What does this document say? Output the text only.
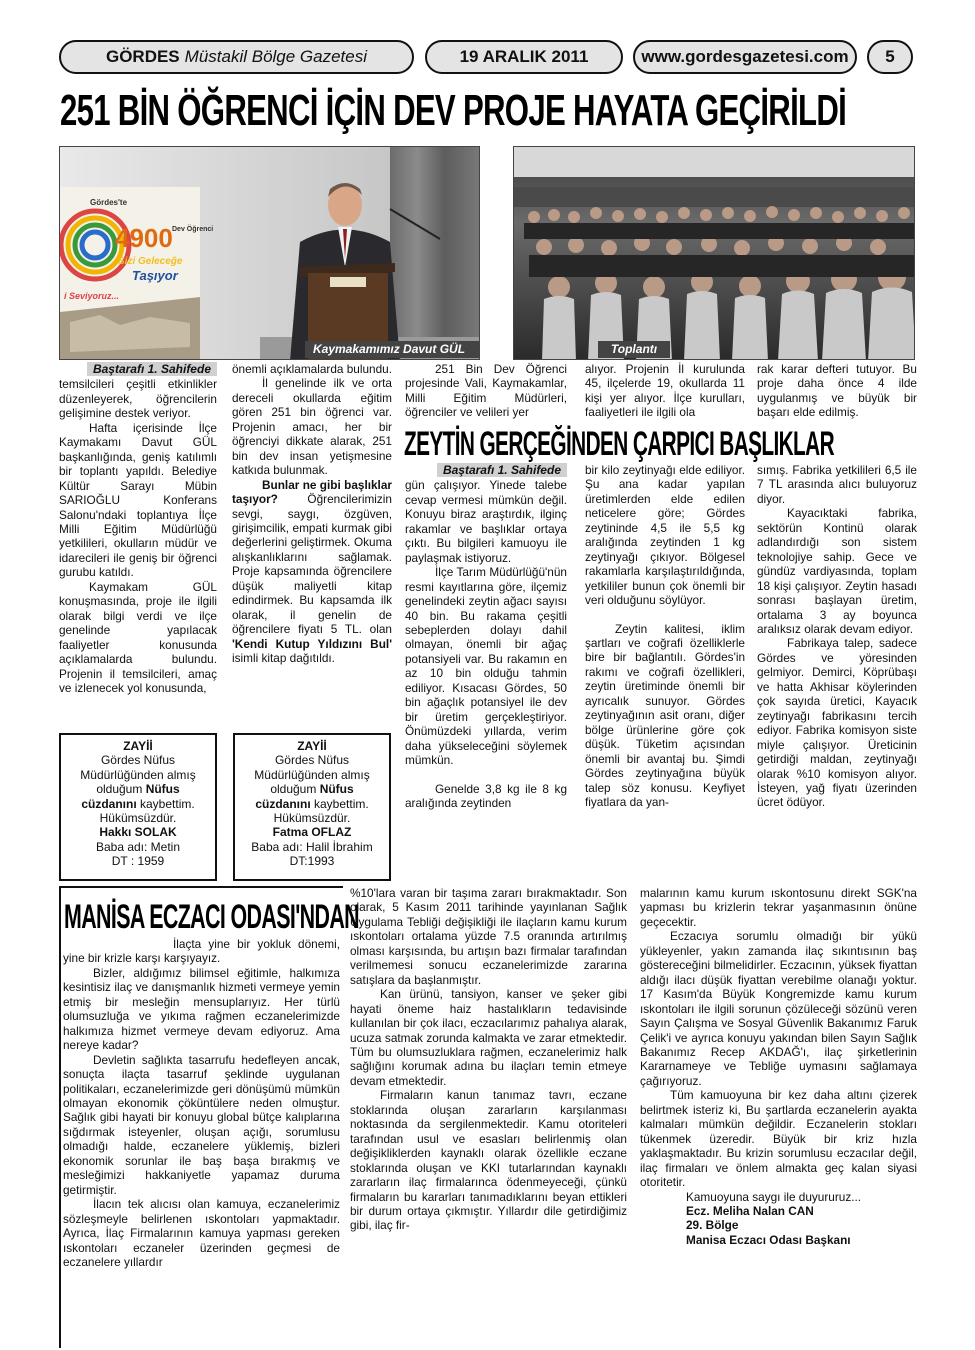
GÖRDES Müstakil Bölge Gazetesi	19 ARALIK 2011	www.gordesgazetesi.com 5
251 BİN ÖĞRENCİ İÇİN DEV PROJE HAYATA GEÇİRİLDİ
Gördes'te
4900 Dev Öğrenci
Sizi Geleceğe
Taşıyor
i Seviyoruz...
Kaymakamımız Davut GÜL	Toplantı
Baştarafı 1. Sahifede

temsilcileri çeşitli etkinlikler düzenleyerek, öğrencilerin gelişimine destek veriyor.

Hafta içerisinde İlçe Kaymakamı Davut GÜL başkanlığında, geniş katılımlı bir toplantı yapıldı. Belediye Kültür Sarayı Mübin SARIOĞLU Konferans Salonu'ndaki toplantıya İlçe Milli Eğitim Müdürlüğü yetkilileri, okulların müdür ve idarecileri ile geniş bir öğrenci gurubu katıldı.

Kaymakam GÜL konuşmasında, proje ile ilgili olarak bilgi verdi ve ilçe genelinde yapılacak faaliyetler konusunda açıklamalarda bulundu. Projenin il temsilcileri, amaç ve izlenecek yol konusunda,

önemli açıklamalarda bulundu.

İl genelinde ilk ve orta dereceli okullarda eğitim gören 251 bin öğrenci var. Projenin amacı, her bir öğrenciyi dikkate alarak, 251 bin dev insan yetişmesine katkıda bulunmak.

Bunlar ne gibi başlıklar taşıyor?	Öğrencilerimizin sevgi, saygı, özgüven, girişimcilik, empati kurmak gibi değerlerini geliştirmek. Okuma alışkanlıklarını sağlamak. Proje kapsamında öğrencilere düşük maliyetli kitap edindirmek. Bu kapsamda ilk olarak, il genelin de öğrencilere fiyatı 5 TL. olan 'Kendi Kutup Yıldızını Bul' isimli kitap dağıtıldı.

251 Bin Dev Öğrenci projesinde Vali, Kaymakamlar, Milli Eğitim Müdürleri, öğrenciler ve velileri yer

alıyor. Projenin İl kurulunda 45, ilçelerde 19, okullarda 11 kişi yer alıyor. İlçe kurulları, faaliyetleri ile ilgili ola

rak karar defteri tutuyor. Bu proje daha önce 4 ilde uygulanmış ve büyük bir başarı elde edilmiş.

ZAYİİ
Gördes Nüfus
Müdürlüğünden almış
olduğum Nüfus
cüzdanını kaybettim.
Hükümsüzdür.
Hakkı SOLAK
Baba adı: Metin
DT : 1959
ZAYİİ
Gördes Nüfus
Müdürlüğünden almış
olduğum Nüfus
cüzdanını kaybettim.
Hükümsüzdür.
Fatma OFLAZ
Baba adı: Halil İbrahim
DT:1993
ZEYTİN GERÇEĞİNDEN ÇARPICI BAŞLIKLAR
Baştarafı 1. Sahifede

gün çalışıyor. Yinede talebe cevap vermesi mümkün değil. Konuyu biraz araştırdık, ilginç rakamlar ve başlıklar ortaya çıktı. Bu bilgileri kamuoyu ile paylaşmak istiyoruz.

İlçe Tarım Müdürlüğü'nün resmi kayıtlarına göre, ilçemiz genelindeki zeytin ağacı sayısı 40 bin. Bu rakama çeşitli sebeplerden dolayı dahil olmayan, önemli bir ağaç potansiyeli var. Bu rakamın en az 10 bin olduğu tahmin ediliyor. Kısacası Gördes, 50 bin ağaçlık potansiyel ile dev bir üretim gerçekleştiriyor. Önümüzdeki yıllarda, verim daha yükseleceğini söylemek mümkün.

Genelde 3,8 kg ile 8 kg aralığında zeytinden

bir kilo zeytinyağı elde ediliyor. Şu ana kadar yapılan üretimlerden elde edilen neticelere göre; Gördes zeytininde 4,5 ile 5,5 kg aralığında zeytinden 1 kg zeytinyağı çıkıyor. Bölgesel rakamlarla karşılaştırıldığında, yetkililer bunun çok önemli bir veri olduğunu söylüyor.

Zeytin kalitesi, iklim şartları ve coğrafi özelliklerle bire bir bağlantılı. Gördes'in rakımı ve coğrafi özellikleri, zeytin üretiminde önemli bir ayrıcalık sunuyor. Gördes zeytinyağının asit oranı, diğer bölge ürünlerine göre çok düşük. Tüketim açısından önemli bir avantaj bu. Şimdi Gördes zeytinyağına büyük talep söz konusu. Keyfiyet fiyatlara da yan-

sımış. Fabrika yetkilileri 6,5 ile 7 TL arasında alıcı buluyoruz diyor.

Kayacıktaki fabrika, sektörün Kontinü olarak adlandırdığı son sistem teknolojiye sahip. Gece ve gündüz vardiyasında, toplam 18 kişi çalışıyor. Zeytin hasadı sonrası başlayan üretim, ortalama 3 ay boyunca aralıksız olarak devam ediyor.

Fabrikaya talep, sadece Gördes ve yöresinden gelmiyor. Demirci, Köprübaşı ve hatta Akhisar köylerinden çok sayıda üretici, Kayacık zeytinyağı fabrikasını tercih ediyor. Fabrika komisyon siste miyle çalışıyor. Üreticinin getirdiği maldan, zeytinyağı olarak %10 komisyon alıyor. İsteyen, yağ fiyatı üzerinden ücret ödüyor.

MANİSA ECZACI ODASI'NDAN

İlaçta yine bir yokluk dönemi, yine bir krizle karşı karşıyayız.

Bizler, aldığımız bilimsel eğitimle, halkımıza kesintisiz ilaç ve danışmanlık hizmeti vermeye yemin etmiş bir mesleğin mensuplarıyız. Her türlü olumsuzluğa ve yıkıma rağmen eczanelerimizde halkımıza hizmet vermeye devam ediyoruz. Ama nereye kadar?

Devletin sağlıkta tasarrufu hedefleyen ancak, sonuçta ilaçta tasarruf şeklinde uygulanan politikaları, eczanelerimizde geri dönüşümü mümkün olmayan ekonomik çöküntülere neden olmuştur. Sağlık gibi hayati bir konuyu global bütçe kalıplarına sığdırmak isteyenler, oluşan açığı, sorumlusu olmadığı halde, eczanelere yüklemiş, bizleri ekonomik sorunlar ile baş başa bırakmış ve mesleğimizi hakkaniyetle yapamaz duruma getirmiştir.

İlacın tek alıcısı olan kamuya, eczanelerimiz sözleşmeyle belirlenen ıskontoları yapmaktadır. Ayrıca, İlaç Firmalarının kamuya yapması gereken ıskontoları eczaneler üzerinden geçmesi de eczanelere yıllardır

%10'lara varan bir taşıma zararı bırakmaktadır. Son olarak, 5 Kasım 2011 tarihinde yayınlanan Sağlık Uygulama Tebliği değişikliği ile ilaçların kamu kurum ıskontoları ortalama yüzde 7.5 oranında artırılmış olması karşısında, bu artışın bazı firmalar tarafından verilmemesi sonucu eczanelerimizde zararına satışlara da başlanmıştır.

Kan ürünü, tansiyon, kanser ve şeker gibi hayati öneme haiz hastalıkların tedavisinde kullanılan bir çok ilacı, eczacılarımız pahalıya alarak, ucuza satmak zorunda kalmakta ve zarar etmektedir. Tüm bu olumsuzluklara rağmen, eczanelerimiz halk sağlığını korumak adına bu ilaçları temin etmeye devam etmektedir.

Firmaların kanun tanımaz tavrı, eczane stoklarında oluşan zararların karşılanması noktasında da sergilenmektedir. Kamu otoriteleri tarafından usul ve esasları belirlenmiş olan değişikliklerden kaynaklı olarak özellikle eczane stoklarında oluşan ve KKI tutarlarından kaynaklı zararların ilaç firmalarınca ödenmeyeceği, çünkü firmaların bu kararları tanımadıklarını beyan ettikleri bir durum ortaya çıkmıştır. Yıllardır dile getirdiğimiz gibi, ilaç fir-

malarının kamu kurum ıskontosunu direkt SGK'na yapması bu krizlerin tekrar yaşanmasının önüne geçecektir.

Eczacıya sorumlu olmadığı bir yükü yükleyenler, yakın zamanda ilaç sıkıntısının baş göstereceğini bilmelidirler. Eczacının, yüksek fiyattan aldığı ilacı düşük fiyattan verebilme olanağı yoktur. 17 Kasım'da Büyük Kongremizde kamu kurum ıskontoları ile ilgili sorunun çözüleceği sözünü veren Sayın Çalışma ve Sosyal Güvenlik Bakanımız Faruk Çelik'i ve ayrıca konuyu yakından bilen Sayın Sağlık Bakanımız Recep AKDAĞ'ı, ilaç şirketlerinin Kararnameye ve Tebliğe uymasını sağlamaya çağırıyoruz.

Tüm kamuoyuna bir kez daha altını çizerek belirtmek isteriz ki, Bu şartlarda eczanelerin ayakta kalmaları mümkün değildir. Eczanelerin stokları tükenmek üzeredir. Büyük bir kriz hızla yaklaşmaktadır. Bu krizin sorumlusu eczacılar değil, ilaç firmaları ve önlem almakta geç kalan siyasi otoritetir.

Kamuoyuna saygı ile duyururuz...

Ecz. Meliha Nalan CAN

29. Bölge

Manisa Eczacı Odası Başkanı
